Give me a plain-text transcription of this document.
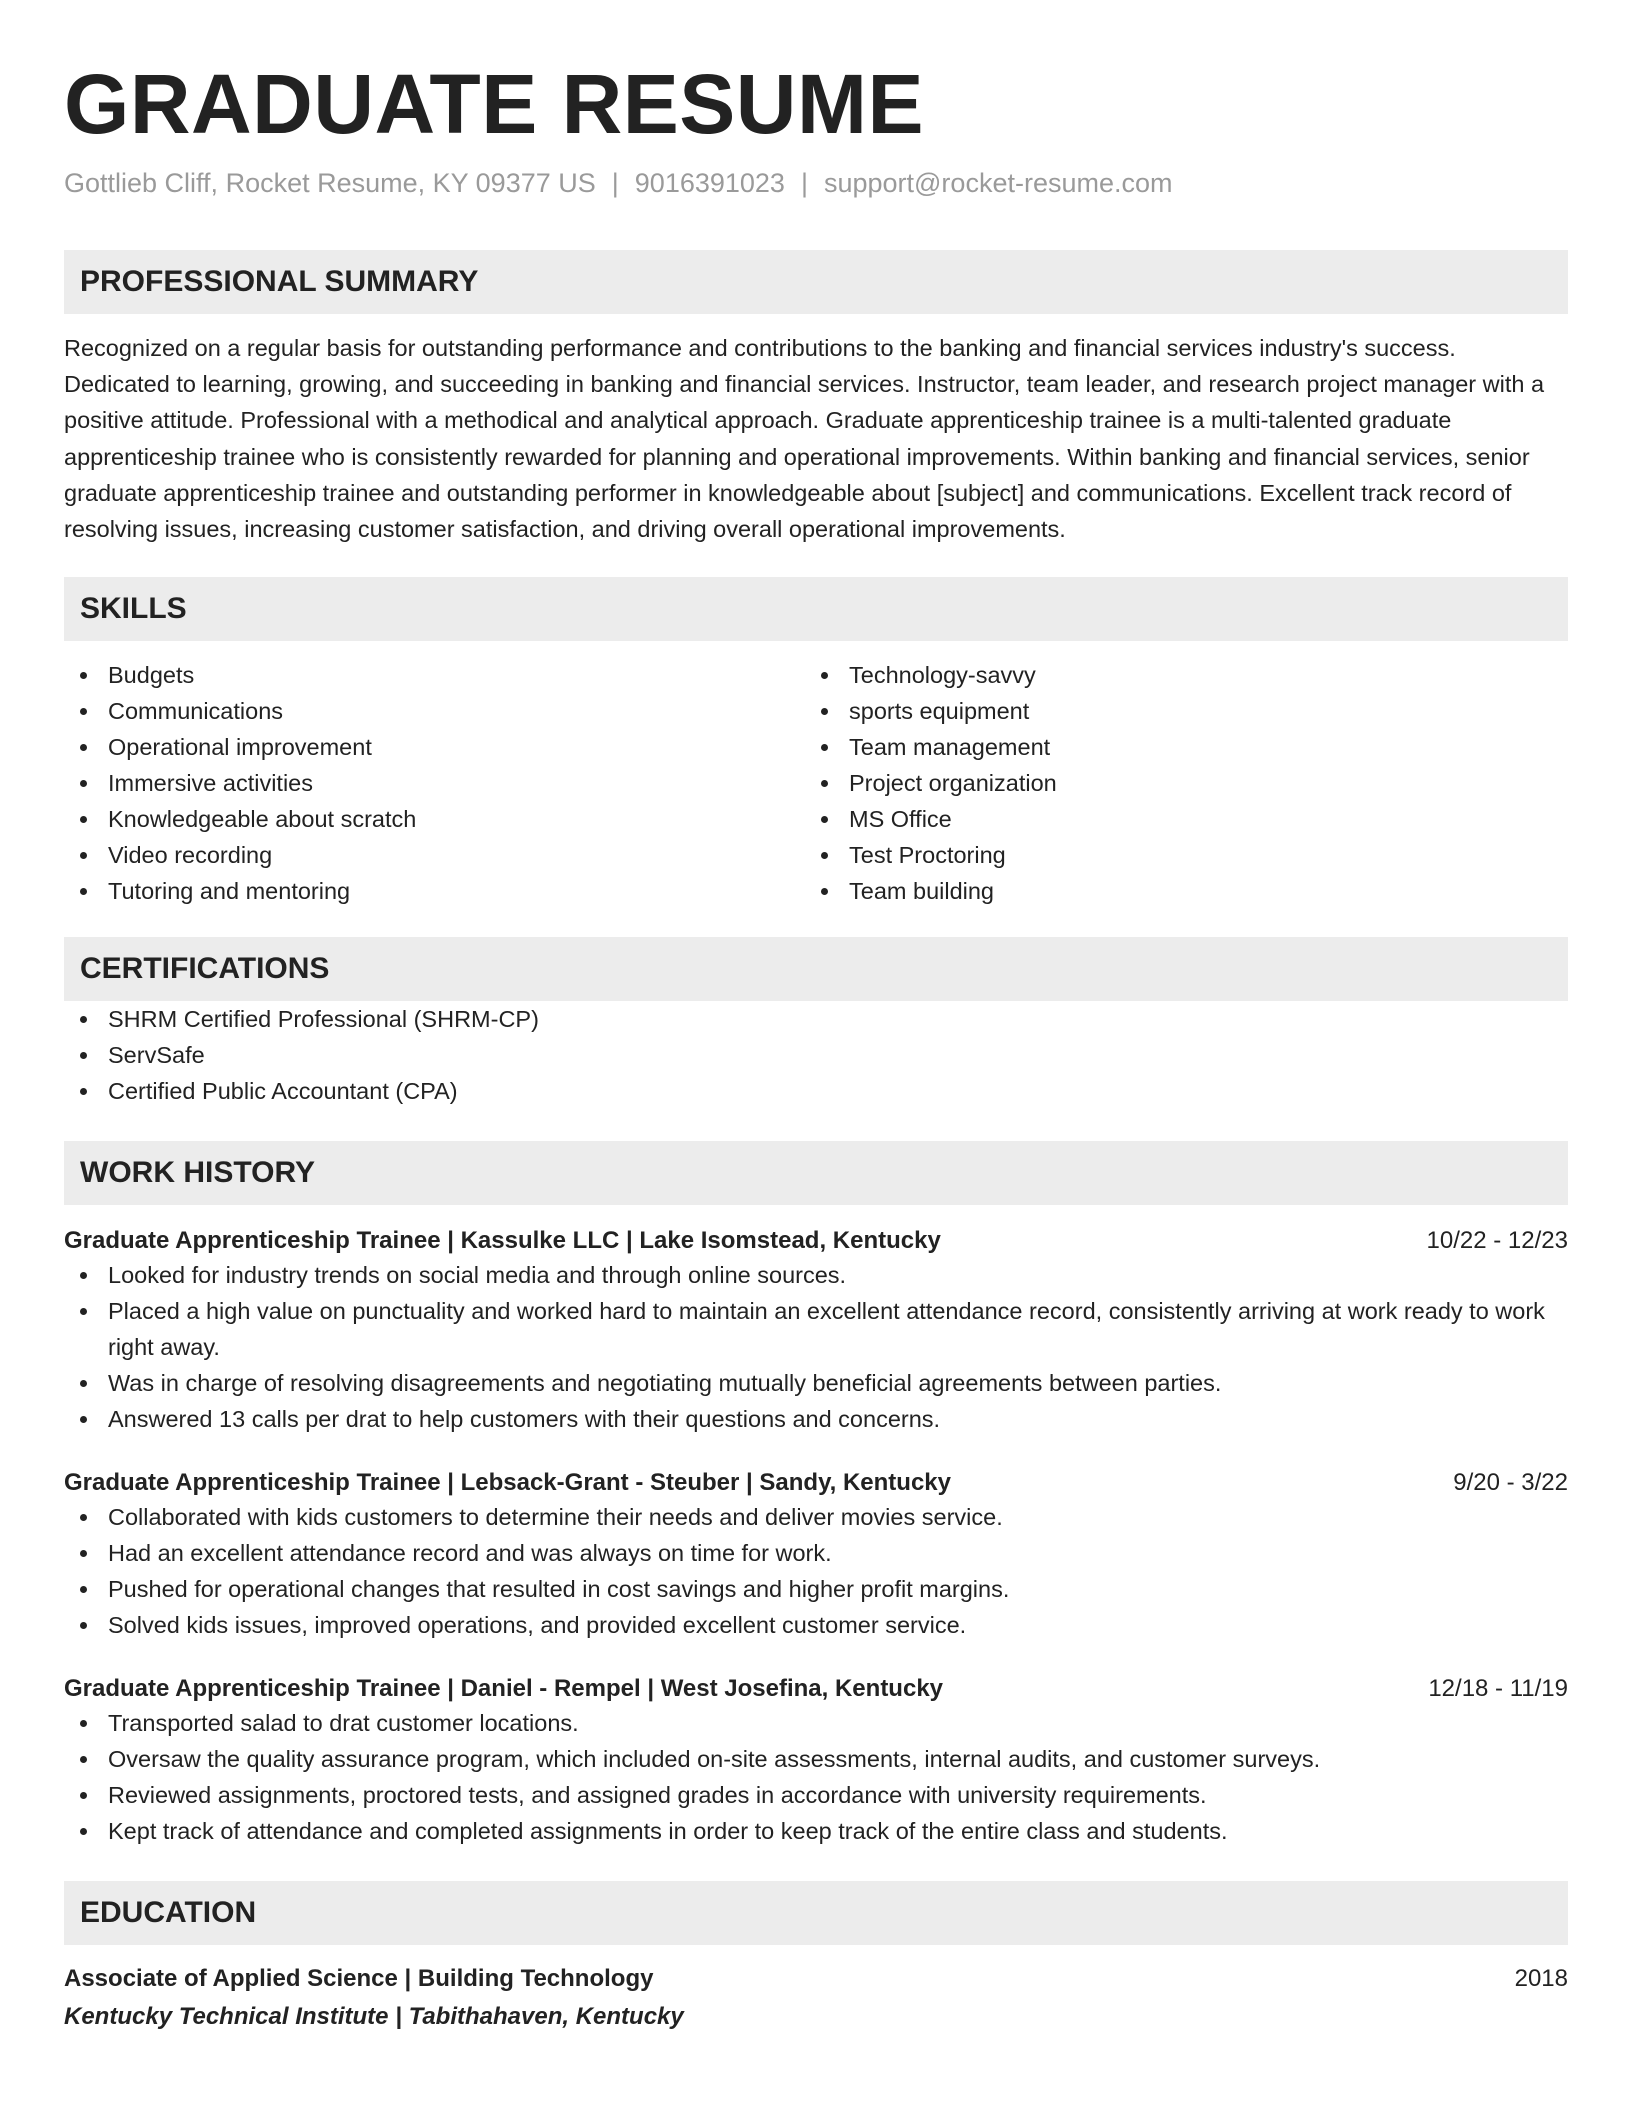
GRADUATE RESUME
Gottlieb Cliff, Rocket Resume, KY 09377 US | 9016391023 | support@rocket-resume.com
PROFESSIONAL SUMMARY

Recognized on a regular basis for outstanding performance and contributions to the banking and financial services industry's success. Dedicated to learning, growing, and succeeding in banking and financial services. Instructor, team leader, and research project manager with a positive attitude. Professional with a methodical and analytical approach. Graduate apprenticeship trainee is a multi-talented graduate apprenticeship trainee who is consistently rewarded for planning and operational improvements. Within banking and financial services, senior graduate apprenticeship trainee and outstanding performer in knowledgeable about [subject] and communications. Excellent track record of resolving issues, increasing customer satisfaction, and driving overall operational improvements.

SKILLS
Budgets
Communications
Operational improvement
Immersive activities
Knowledgeable about scratch
Video recording
Tutoring and mentoring
Technology-savvy
sports equipment
Team management
Project organization
MS Office
Test Proctoring
Team building
CERTIFICATIONS
SHRM Certified Professional (SHRM-CP)
ServSafe
Certified Public Accountant (CPA)
WORK HISTORY
Graduate Apprenticeship Trainee | Kassulke LLC | Lake Isomstead, Kentucky	10/22 - 12/23
Looked for industry trends on social media and through online sources.
Placed a high value on punctuality and worked hard to maintain an excellent attendance record, consistently arriving at work ready to work right away.
Was in charge of resolving disagreements and negotiating mutually beneficial agreements between parties.
Answered 13 calls per drat to help customers with their questions and concerns.
Graduate Apprenticeship Trainee | Lebsack-Grant - Steuber | Sandy, Kentucky	9/20 - 3/22
Collaborated with kids customers to determine their needs and deliver movies service.
Had an excellent attendance record and was always on time for work.
Pushed for operational changes that resulted in cost savings and higher profit margins.
Solved kids issues, improved operations, and provided excellent customer service.
Graduate Apprenticeship Trainee | Daniel - Rempel | West Josefina, Kentucky	12/18 - 11/19
Transported salad to drat customer locations.
Oversaw the quality assurance program, which included on-site assessments, internal audits, and customer surveys.
Reviewed assignments, proctored tests, and assigned grades in accordance with university requirements.
Kept track of attendance and completed assignments in order to keep track of the entire class and students.
EDUCATION
Associate of Applied Science | Building Technology	2018
Kentucky Technical Institute | Tabithahaven, Kentucky
